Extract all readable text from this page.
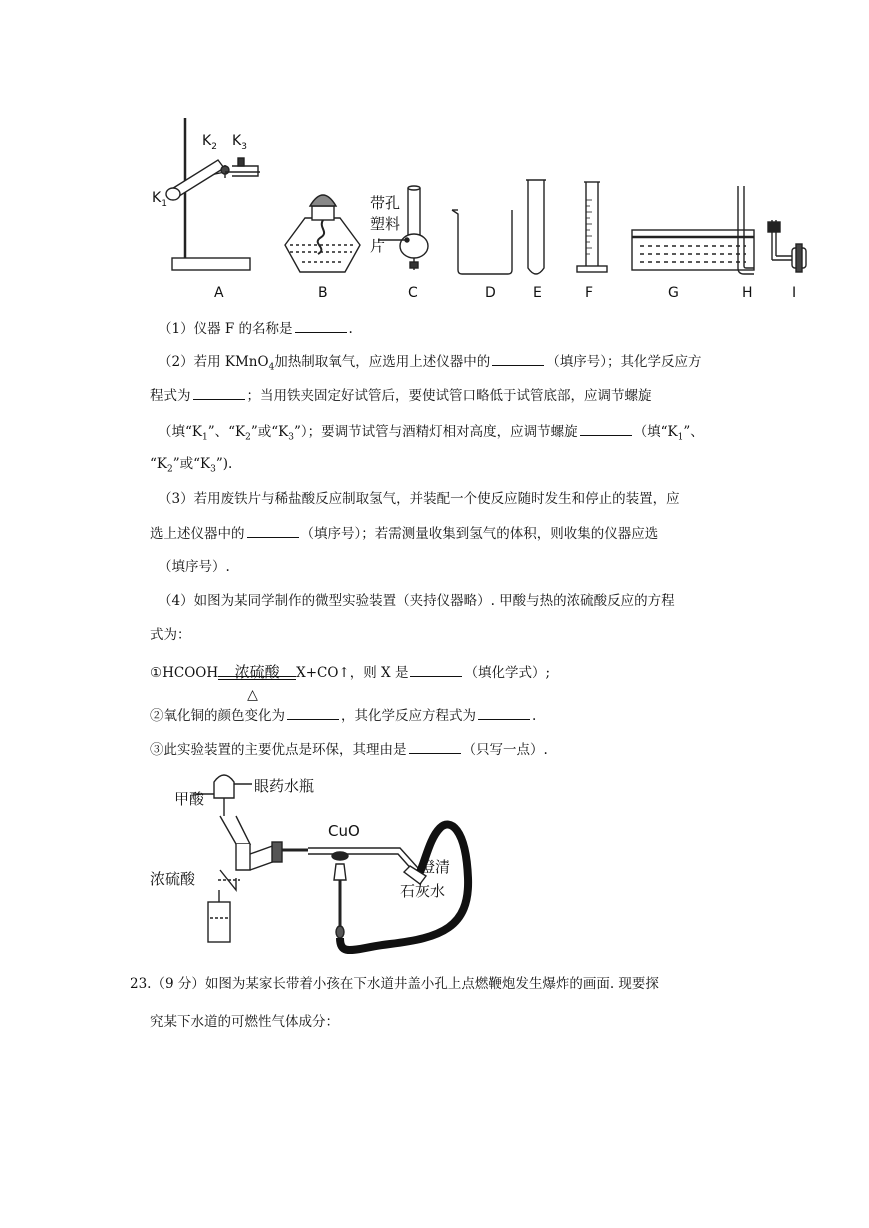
$K_1$
$K_2$ $K_3$
带孔
塑料
片
A	B	C	D	E	F	G	H	I
（1）仪器 F 的名称是	.
（2）若用 KMnO$_4$加热制取氧气，应选用上述仪器中的	（填序号）；其化学反应方
程式为	；当用铁夹固定好试管后，要使试管口略低于试管底部，应调节螺旋
（填“$K_1$”、“$K_2$”或“$K_3$”）；要调节试管与酒精灯相对高度，应调节螺旋	（填“$K_1$”、
“$K_2$”或“$K_3$”).
（3）若用废铁片与稀盐酸反应制取氢气，并装配一个使反应随时发生和停止的装置，应
选上述仪器中的	（填序号）；若需测量收集到氢气的体积，则收集的仪器应选
（填序号）.
（4）如图为某同学制作的微型实验装置（夹持仪器略）. 甲酸与热的浓硫酸反应的方程
式为：
①HCOOH	浓硫酸
△
X+CO↑，则 X 是	（填化学式）;
②氧化铜的颜色变化为	，其化学反应方程式为	.
③此实验装置的主要优点是环保，其理由是	（只写一点）.
甲酸
眼药水瓶
CuO
浓硫酸
澄清
石灰水
23.（9 分）如图为某家长带着小孩在下水道井盖小孔上点燃鞭炮发生爆炸的画面. 现要探
究某下水道的可燃性气体成分：
